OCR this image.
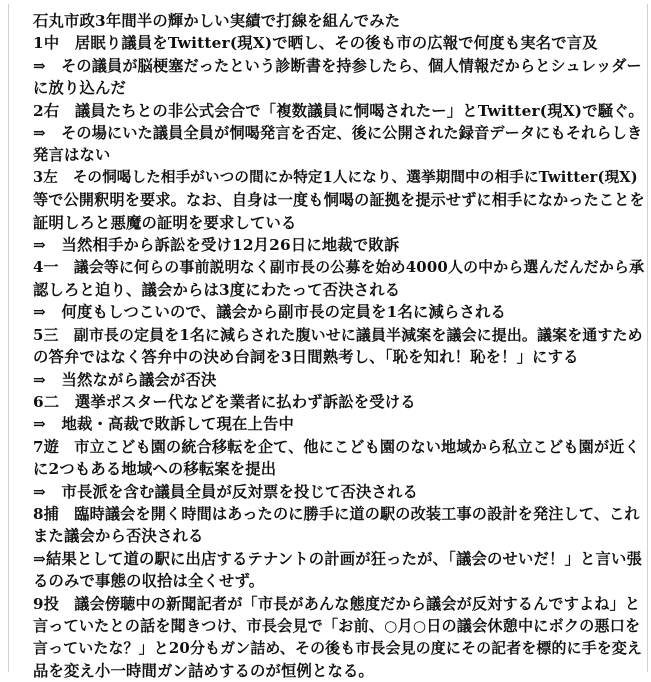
石丸市政3年間半の輝かしい実績で打線を組んでみた
1中　居眠り議員をTwitter(現X)で晒し、その後も市の広報で何度も実名で言及
⇒　その議員が脳梗塞だったという診断書を持参したら、個人情報だからとシュレッダー
に放り込んだ
2右　議員たちとの非公式会合で「複数議員に恫喝されたー」とTwitter(現X)で騒ぐ。
⇒　その場にいた議員全員が恫喝発言を否定、後に公開された録音データにもそれらしき
発言はない
3左　その恫喝した相手がいつの間にか特定1人になり、選挙期間中の相手にTwitter(現X)
等で公開釈明を要求。なお、自身は一度も恫喝の証拠を提示せずに相手になかったことを
証明しろと悪魔の証明を要求している
⇒　当然相手から訴訟を受け12月26日に地裁で敗訴
4一　議会等に何らの事前説明なく副市長の公募を始め4000人の中から選んだんだから承
認しろと迫り、議会からは3度にわたって否決される
⇒　何度もしつこいので、議会から副市長の定員を1名に減らされる
5三　副市長の定員を1名に減らされた腹いせに議員半減案を議会に提出。議案を通すため
の答弁ではなく答弁中の決め台詞を3日間熟考し、「恥を知れ！恥を！」にする
⇒　当然ながら議会が否決
6二　選挙ポスター代などを業者に払わず訴訟を受ける
⇒　地裁・高裁で敗訴して現在上告中
7遊　市立こども園の統合移転を企て、他にこども園のない地域から私立こども園が近く
に2つもある地域への移転案を提出
⇒　市長派を含む議員全員が反対票を投じて否決される
8捕　臨時議会を開く時間はあったのに勝手に道の駅の改装工事の設計を発注して、これ
また議会から否決される
⇒結果として道の駅に出店するテナントの計画が狂ったが、「議会のせいだ！」と言い張
るのみで事態の収拾は全くせず。
9投　議会傍聴中の新聞記者が「市長があんな態度だから議会が反対するんですよね」と
言っていたとの話を聞きつけ、市長会見で「お前、○月○日の議会休憩中にボクの悪口を
言っていたな？」と20分もガン詰め、その後も市長会見の度にその記者を標的に手を変え
品を変え小一時間ガン詰めするのが恒例となる。
